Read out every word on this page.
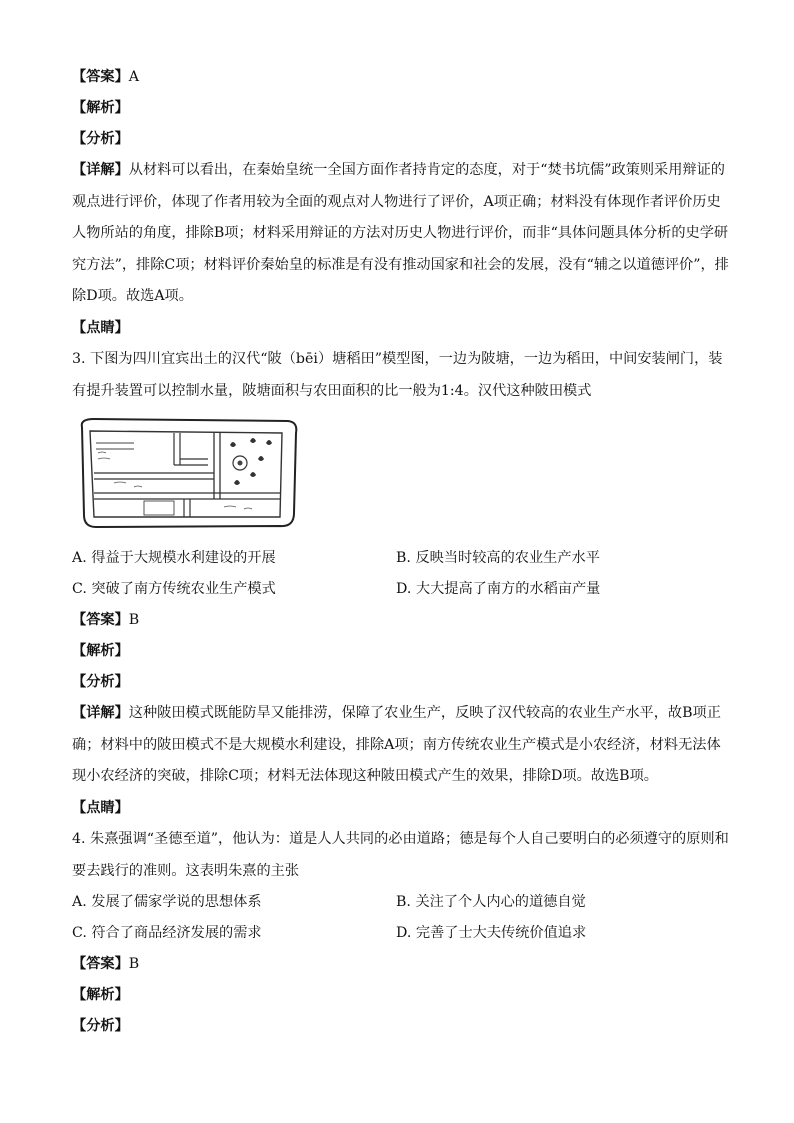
【答案】A
【解析】
【分析】
【详解】从材料可以看出，在秦始皇统一全国方面作者持肯定的态度，对于“焚书坑儒”政策则采用辩证的观点进行评价，体现了作者用较为全面的观点对人物进行了评价，A项正确；材料没有体现作者评价历史人物所站的角度，排除B项；材料采用辩证的方法对历史人物进行评价，而非“具体问题具体分析的史学研究方法”，排除C项；材料评价秦始皇的标准是有没有推动国家和社会的发展，没有“辅之以道德评价”，排除D项。故选A项。
【点睛】
3. 下图为四川宜宾出土的汉代“陂（bēi）塘稻田”模型图，一边为陂塘，一边为稻田，中间安装闸门，装有提升装置可以控制水量，陂塘面积与农田面积的比一般为1:4。汉代这种陂田模式
A. 得益于大规模水利建设的开展	B. 反映当时较高的农业生产水平
C. 突破了南方传统农业生产模式	D. 大大提高了南方的水稻亩产量
【答案】B
【解析】
【分析】
【详解】这种陂田模式既能防旱又能排涝，保障了农业生产，反映了汉代较高的农业生产水平，故B项正确；材料中的陂田模式不是大规模水利建设，排除A项；南方传统农业生产模式是小农经济，材料无法体现小农经济的突破，排除C项；材料无法体现这种陂田模式产生的效果，排除D项。故选B项。
【点睛】
4. 朱熹强调“圣德至道”，他认为：道是人人共同的必由道路；德是每个人自己要明白的必须遵守的原则和要去践行的准则。这表明朱熹的主张
A. 发展了儒家学说的思想体系	B. 关注了个人内心的道德自觉
C. 符合了商品经济发展的需求	D. 完善了士大夫传统价值追求
【答案】B
【解析】
【分析】
